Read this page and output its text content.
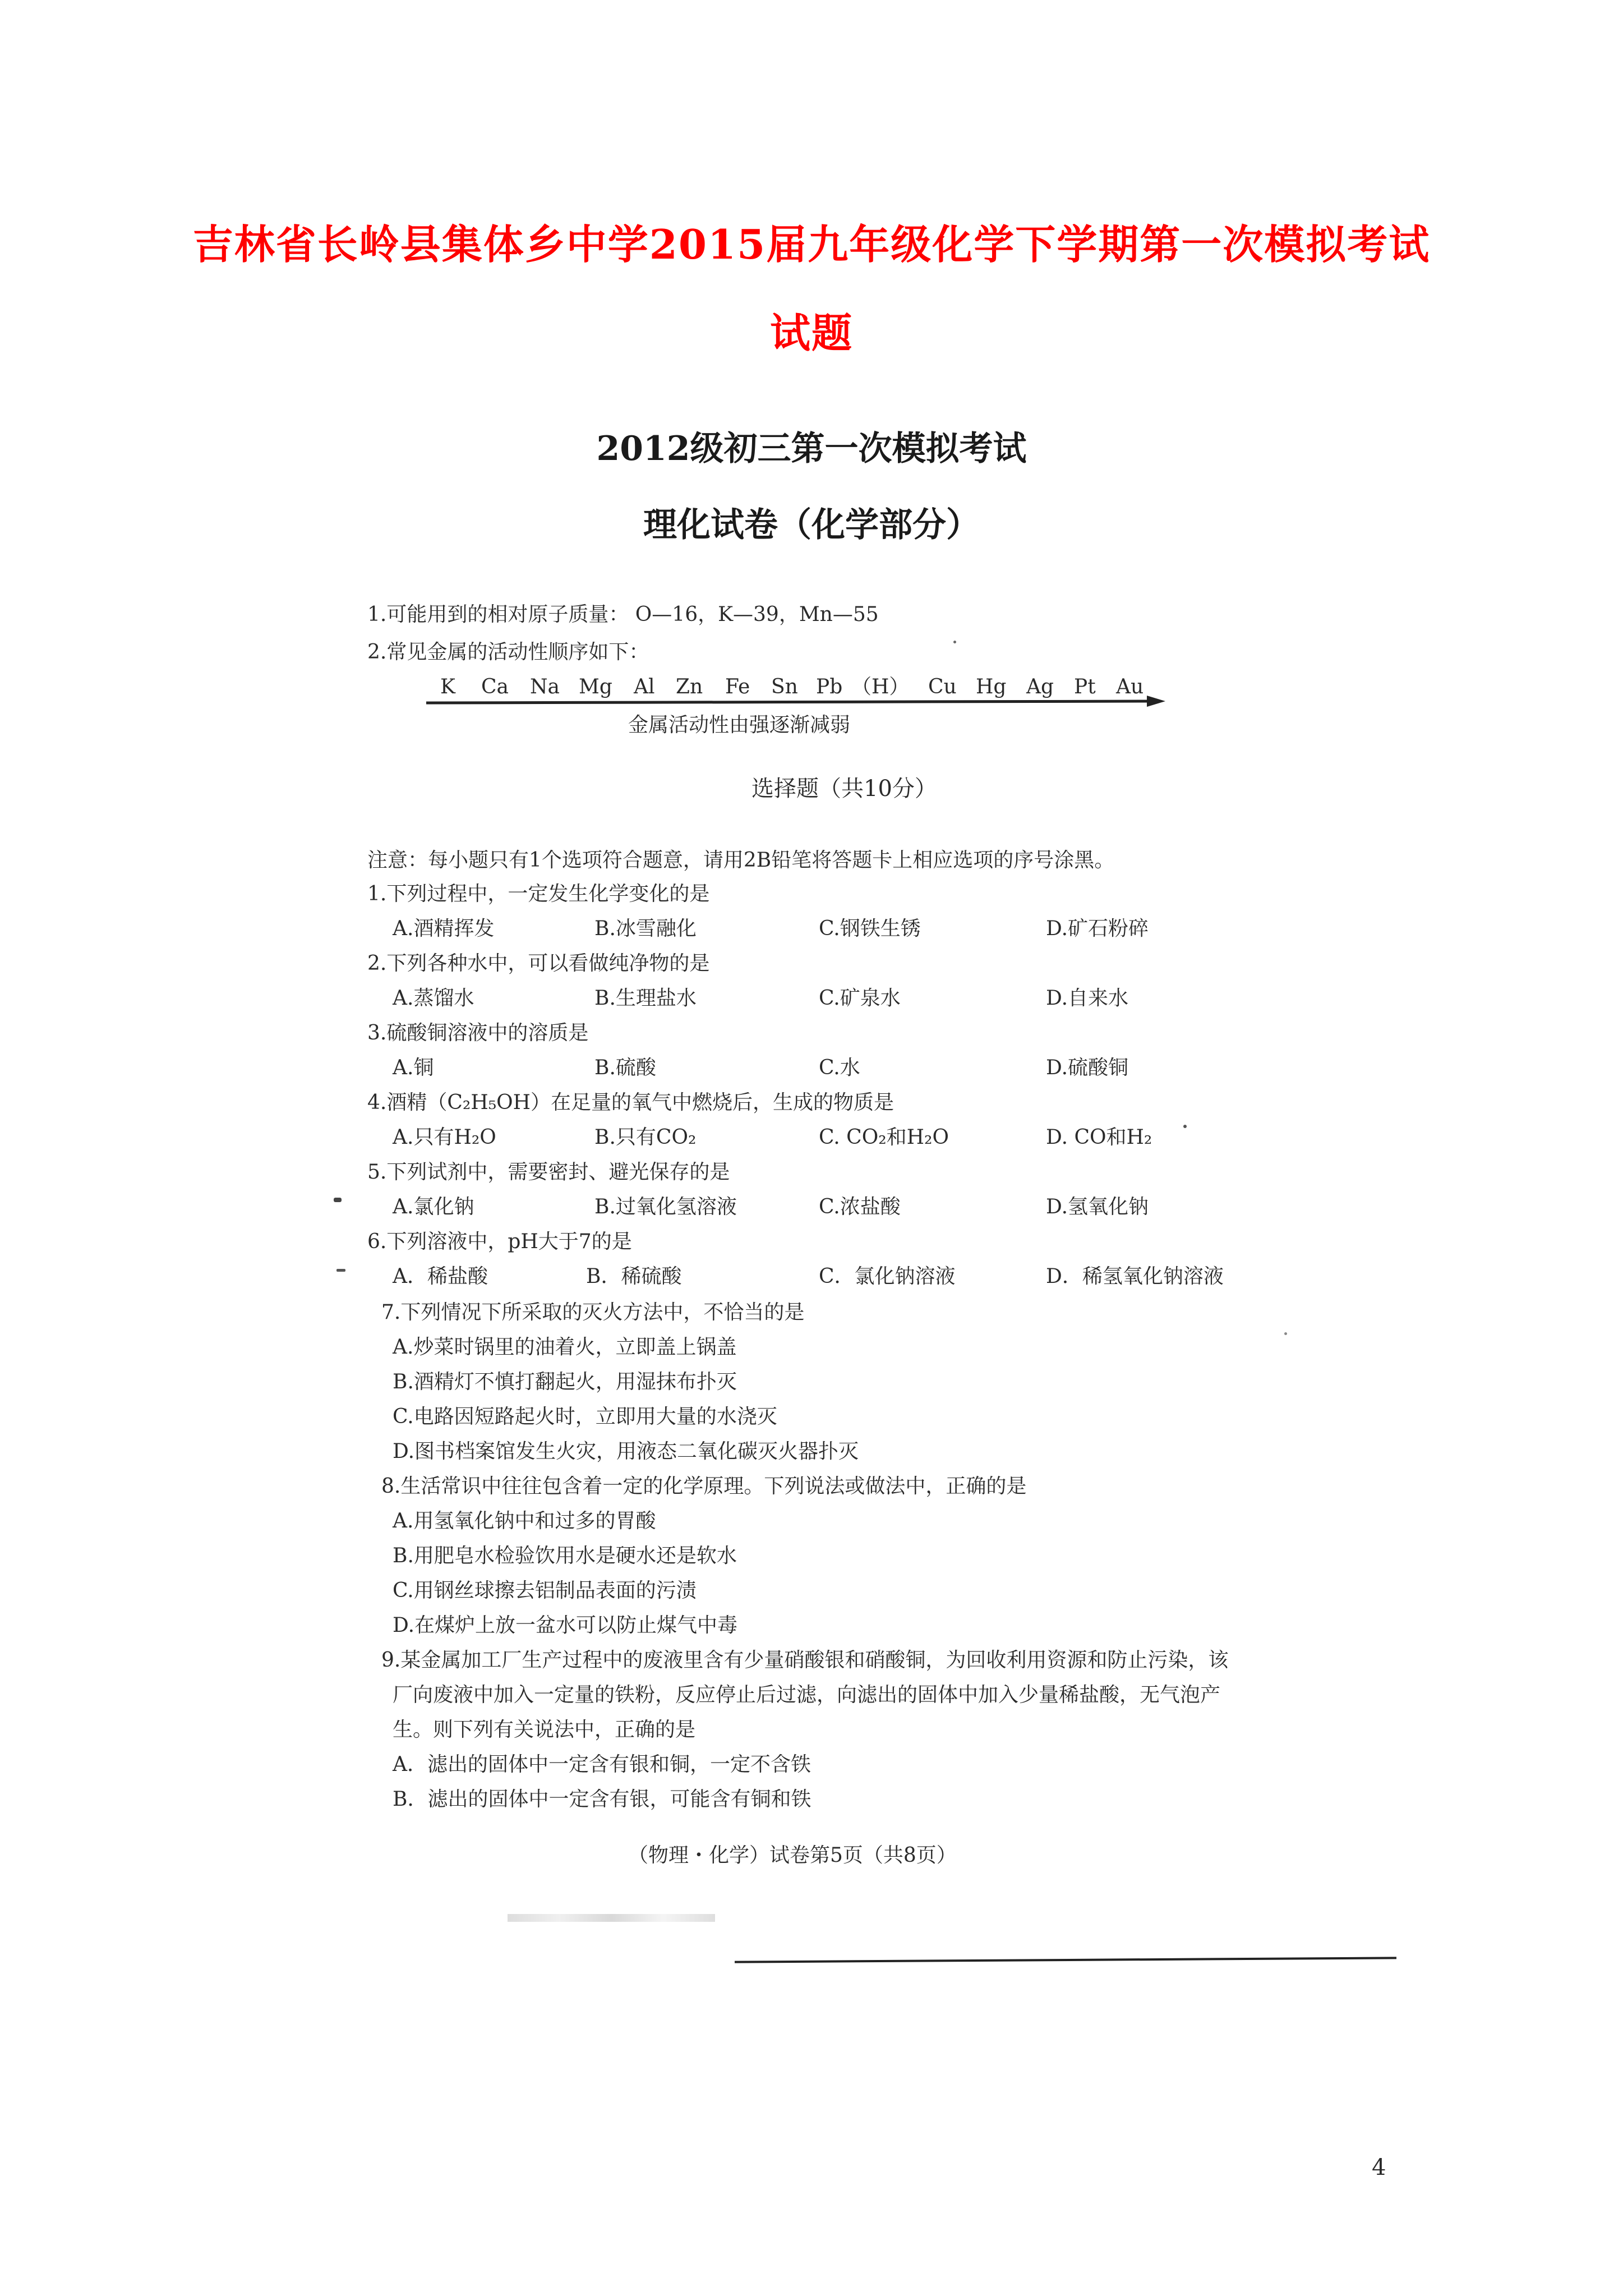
吉林省长岭县集体乡中学2015届九年级化学下学期第一次模拟考试
试题
2012级初三第一次模拟考试
理化试卷（化学部分）
1.可能用到的相对原子质量： O—16，K—39，Mn—55
2.常见金属的活动性顺序如下：
K Ca Na Mg Al Zn Fe Sn Pb （H） Cu Hg Ag Pt Au
金属活动性由强逐渐减弱
选择题（共10分）
注意：每小题只有1个选项符合题意，请用2B铅笔将答题卡上相应选项的序号涂黑。
1.下列过程中，一定发生化学变化的是
A.酒精挥发	B.冰雪融化	C.钢铁生锈	D.矿石粉碎
2.下列各种水中，可以看做纯净物的是
A.蒸馏水	B.生理盐水	C.矿泉水	D.自来水
3.硫酸铜溶液中的溶质是
A.铜	B.硫酸	C.水	D.硫酸铜
4.酒精（C₂H₅OH）在足量的氧气中燃烧后，生成的物质是
A.只有H₂O	B.只有CO₂	C. CO₂和H₂O	D. CO和H₂
5.下列试剂中，需要密封、避光保存的是
A.氯化钠	B.过氧化氢溶液	C.浓盐酸	D.氢氧化钠
6.下列溶液中，pH大于7的是
A．稀盐酸	B．稀硫酸	C．氯化钠溶液	D．稀氢氧化钠溶液
7.下列情况下所采取的灭火方法中，不恰当的是
A.炒菜时锅里的油着火，立即盖上锅盖
B.酒精灯不慎打翻起火，用湿抹布扑灭
C.电路因短路起火时，立即用大量的水浇灭
D.图书档案馆发生火灾，用液态二氧化碳灭火器扑灭
8.生活常识中往往包含着一定的化学原理。下列说法或做法中，正确的是
A.用氢氧化钠中和过多的胃酸
B.用肥皂水检验饮用水是硬水还是软水
C.用钢丝球擦去铝制品表面的污渍
D.在煤炉上放一盆水可以防止煤气中毒
9.某金属加工厂生产过程中的废液里含有少量硝酸银和硝酸铜，为回收利用资源和防止污染，该
厂向废液中加入一定量的铁粉，反应停止后过滤，向滤出的固体中加入少量稀盐酸，无气泡产
生。则下列有关说法中，正确的是
A．滤出的固体中一定含有银和铜，一定不含铁
B．滤出的固体中一定含有银，可能含有铜和铁
（物理・化学）试卷第5页（共8页）
4
